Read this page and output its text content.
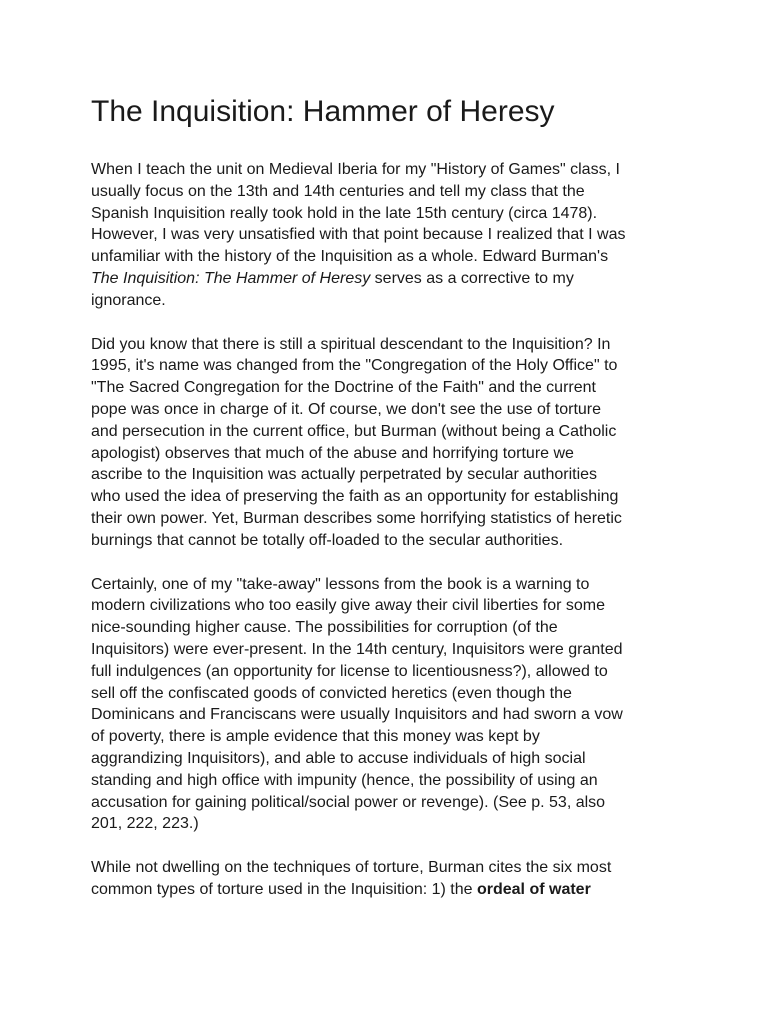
The Inquisition: Hammer of Heresy
When I teach the unit on Medieval Iberia for my "History of Games" class, I
usually focus on the 13th and 14th centuries and tell my class that the
Spanish Inquisition really took hold in the late 15th century (circa 1478).
However, I was very unsatisfied with that point because I realized that I was
unfamiliar with the history of the Inquisition as a whole. Edward Burman's
The Inquisition: The Hammer of Heresy serves as a corrective to my
ignorance.
Did you know that there is still a spiritual descendant to the Inquisition? In
1995, it's name was changed from the "Congregation of the Holy Office" to
"The Sacred Congregation for the Doctrine of the Faith" and the current
pope was once in charge of it. Of course, we don't see the use of torture
and persecution in the current office, but Burman (without being a Catholic
apologist) observes that much of the abuse and horrifying torture we
ascribe to the Inquisition was actually perpetrated by secular authorities
who used the idea of preserving the faith as an opportunity for establishing
their own power. Yet, Burman describes some horrifying statistics of heretic
burnings that cannot be totally off-loaded to the secular authorities.
Certainly, one of my "take-away" lessons from the book is a warning to
modern civilizations who too easily give away their civil liberties for some
nice-sounding higher cause. The possibilities for corruption (of the
Inquisitors) were ever-present. In the 14th century, Inquisitors were granted
full indulgences (an opportunity for license to licentiousness?), allowed to
sell off the confiscated goods of convicted heretics (even though the
Dominicans and Franciscans were usually Inquisitors and had sworn a vow
of poverty, there is ample evidence that this money was kept by
aggrandizing Inquisitors), and able to accuse individuals of high social
standing and high office with impunity (hence, the possibility of using an
accusation for gaining political/social power or revenge). (See p. 53, also
201, 222, 223.)
While not dwelling on the techniques of torture, Burman cites the six most
common types of torture used in the Inquisition: 1) the ordeal of water
